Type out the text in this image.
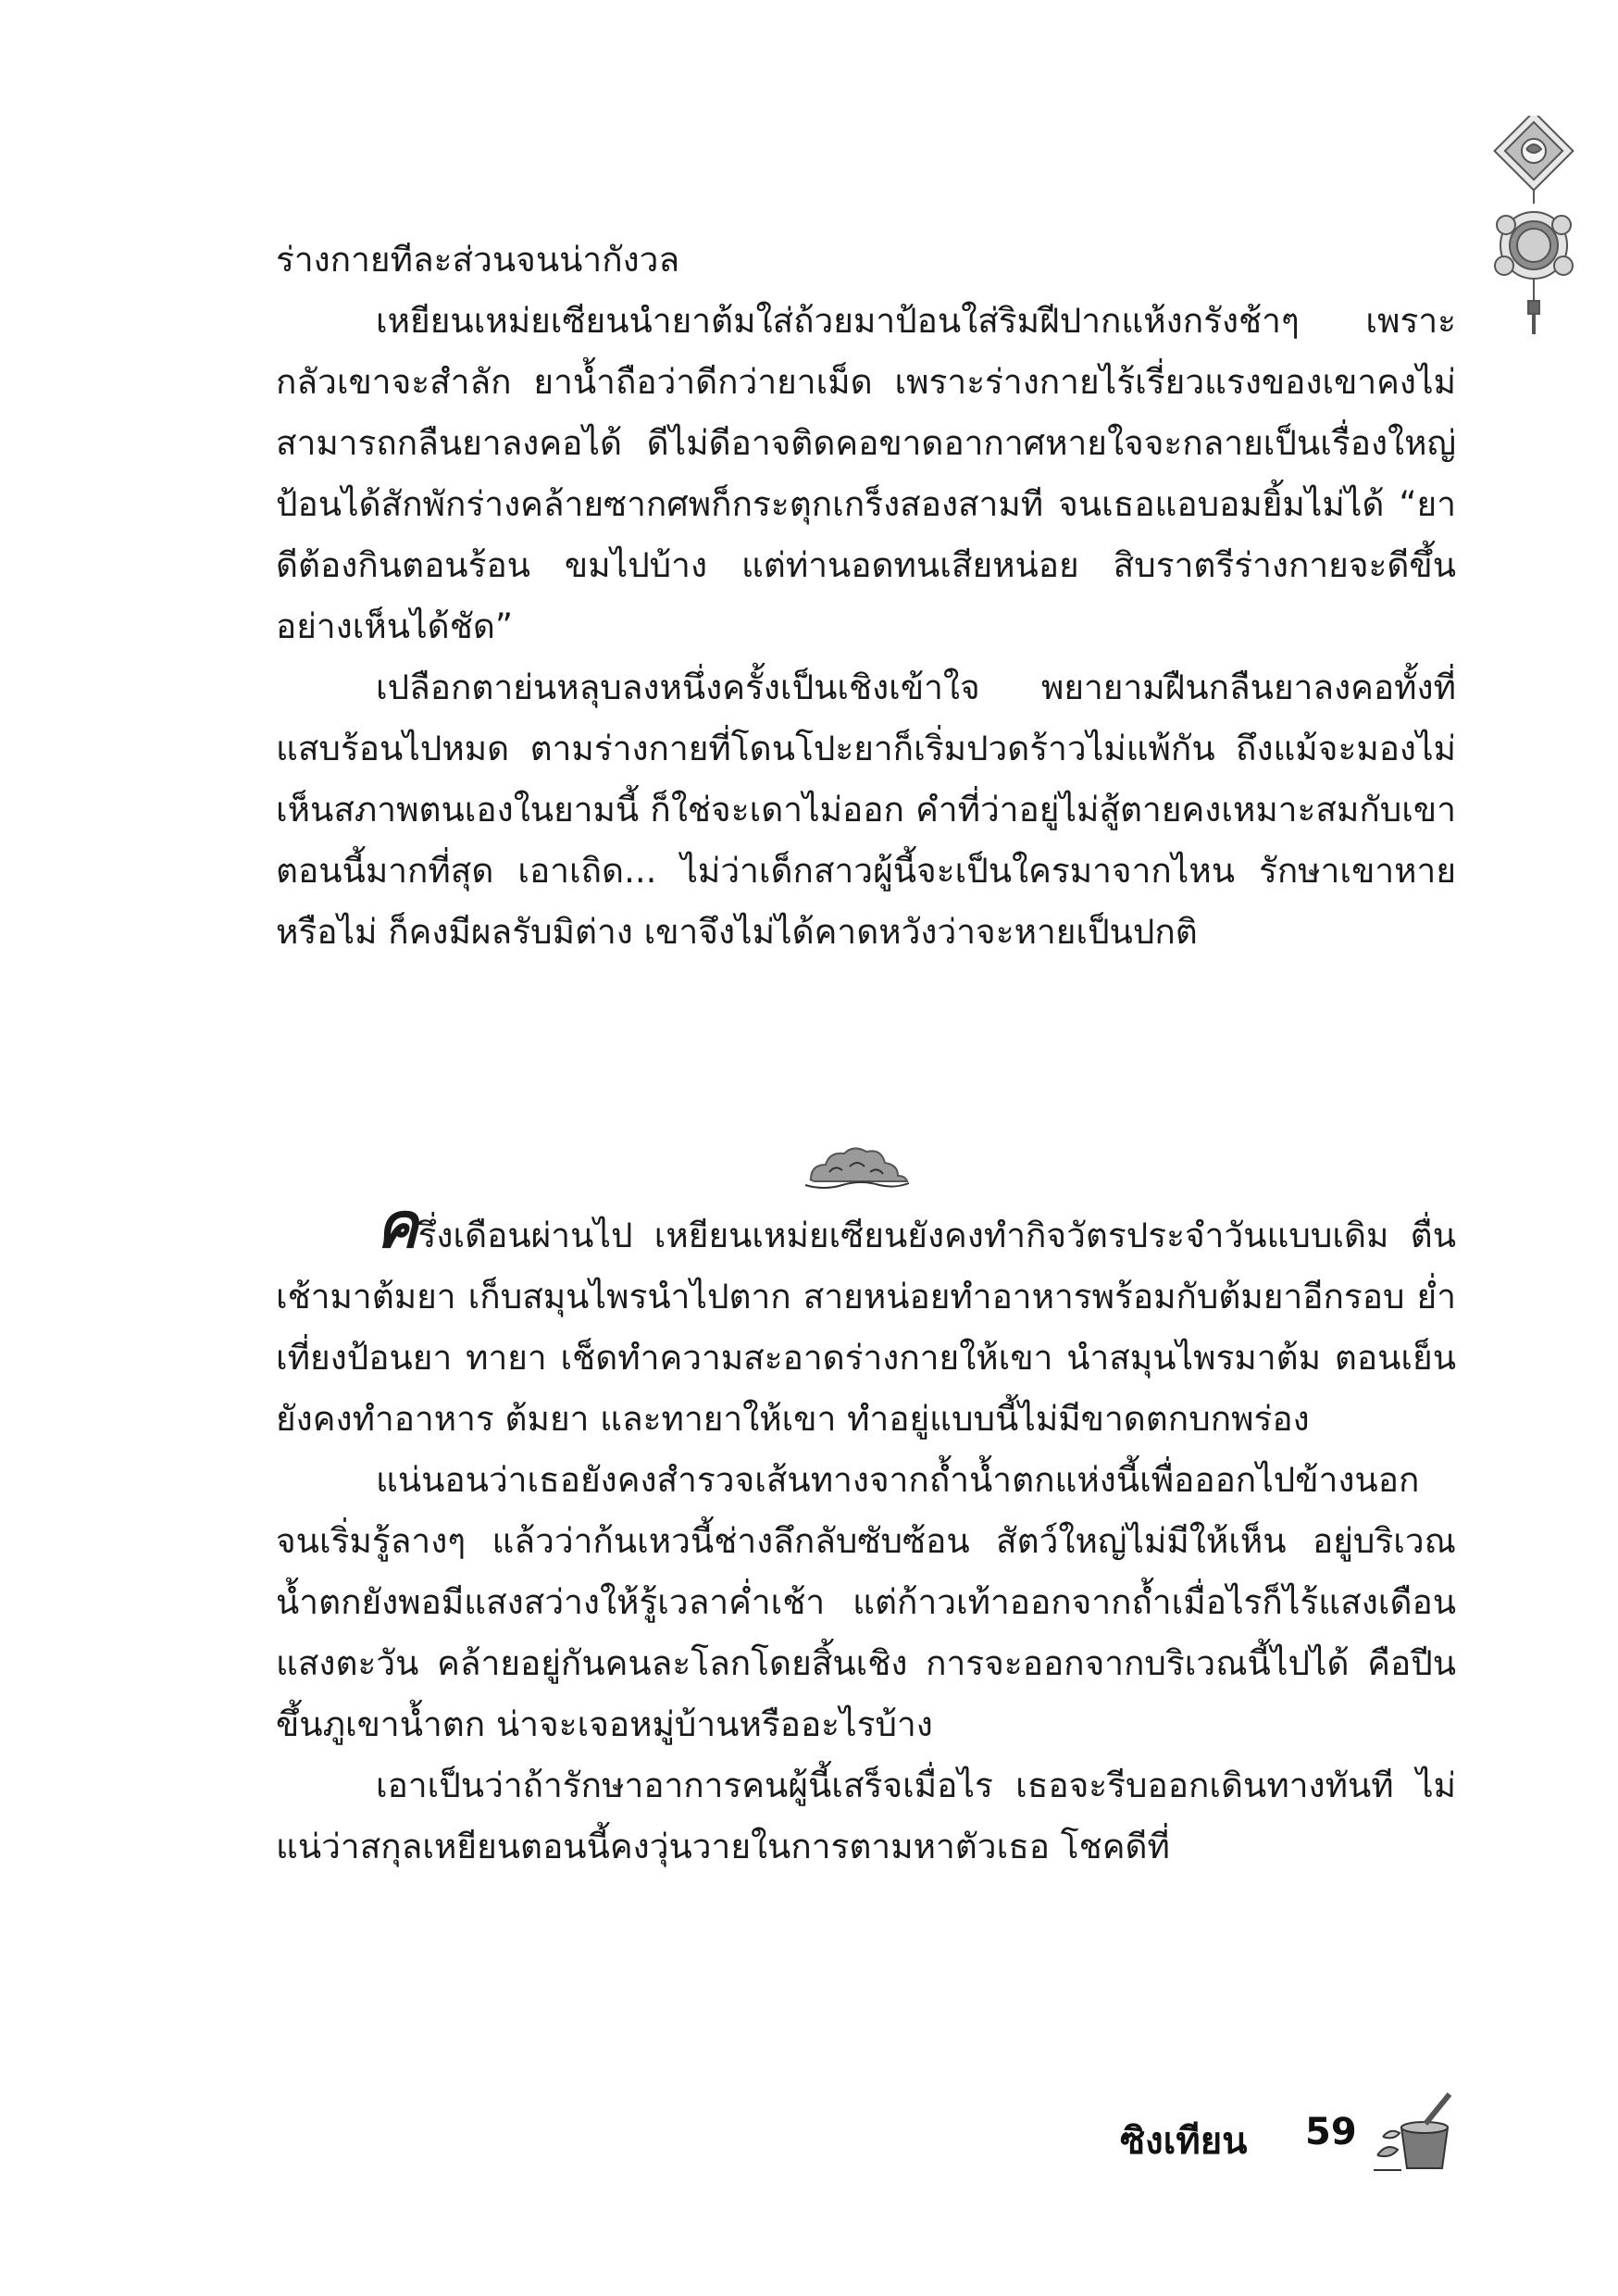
ร่างกายทีละส่วนจนน่ากังวล

เหยียนเหม่ยเซียนนำยาต้มใส่ถ้วยมาป้อนใส่ริมฝีปากแห้งกรังช้าๆ เพราะกลัวเขาจะสำลัก ยาน้ำถือว่าดีกว่ายาเม็ด เพราะร่างกายไร้เรี่ยวแรงของเขาคงไม่สามารถกลืนยาลงคอได้ ดีไม่ดีอาจติดคอขาดอากาศหายใจจะกลายเป็นเรื่องใหญ่ ป้อนได้สักพักร่างคล้ายซากศพก็กระตุกเกร็งสองสามที จนเธอแอบอมยิ้มไม่ได้ “ยาดีต้องกินตอนร้อน ขมไปบ้าง แต่ท่านอดทนเสียหน่อย สิบราตรีร่างกายจะดีขึ้นอย่างเห็นได้ชัด”

เปลือกตาย่นหลุบลงหนึ่งครั้งเป็นเชิงเข้าใจ พยายามฝืนกลืนยาลงคอทั้งที่แสบร้อนไปหมด ตามร่างกายที่โดนโปะยาก็เริ่มปวดร้าวไม่แพ้กัน ถึงแม้จะมองไม่เห็นสภาพตนเองในยามนี้ ก็ใช่จะเดาไม่ออก คำที่ว่าอยู่ไม่สู้ตายคงเหมาะสมกับเขาตอนนี้มากที่สุด เอาเถิด... ไม่ว่าเด็กสาวผู้นี้จะเป็นใครมาจากไหน รักษาเขาหายหรือไม่ ก็คงมีผลรับมิต่าง เขาจึงไม่ได้คาดหวังว่าจะหายเป็นปกติ

ครึ่งเดือนผ่านไป เหยียนเหม่ยเซียนยังคงทำกิจวัตรประจำวันแบบเดิม ตื่นเช้ามาต้มยา เก็บสมุนไพรนำไปตาก สายหน่อยทำอาหารพร้อมกับต้มยาอีกรอบ ย่ำเที่ยงป้อนยา ทายา เช็ดทำความสะอาดร่างกายให้เขา นำสมุนไพรมาต้ม ตอนเย็นยังคงทำอาหาร ต้มยา และทายาให้เขา ทำอยู่แบบนี้ไม่มีขาดตกบกพร่อง

แน่นอนว่าเธอยังคงสำรวจเส้นทางจากถ้ำน้ำตกแห่งนี้เพื่อออกไปข้างนอก จนเริ่มรู้ลางๆ แล้วว่าก้นเหวนี้ช่างลึกลับซับซ้อน สัตว์ใหญ่ไม่มีให้เห็น อยู่บริเวณน้ำตกยังพอมีแสงสว่างให้รู้เวลาค่ำเช้า แต่ก้าวเท้าออกจากถ้ำเมื่อไรก็ไร้แสงเดือนแสงตะวัน คล้ายอยู่กันคนละโลกโดยสิ้นเชิง การจะออกจากบริเวณนี้ไปได้ คือปีนขึ้นภูเขาน้ำตก น่าจะเจอหมู่บ้านหรืออะไรบ้าง

เอาเป็นว่าถ้ารักษาอาการคนผู้นี้เสร็จเมื่อไร เธอจะรีบออกเดินทางทันที ไม่แน่ว่าสกุลเหยียนตอนนี้คงวุ่นวายในการตามหาตัวเธอ โชคดีที่

ซิงเทียน 59
